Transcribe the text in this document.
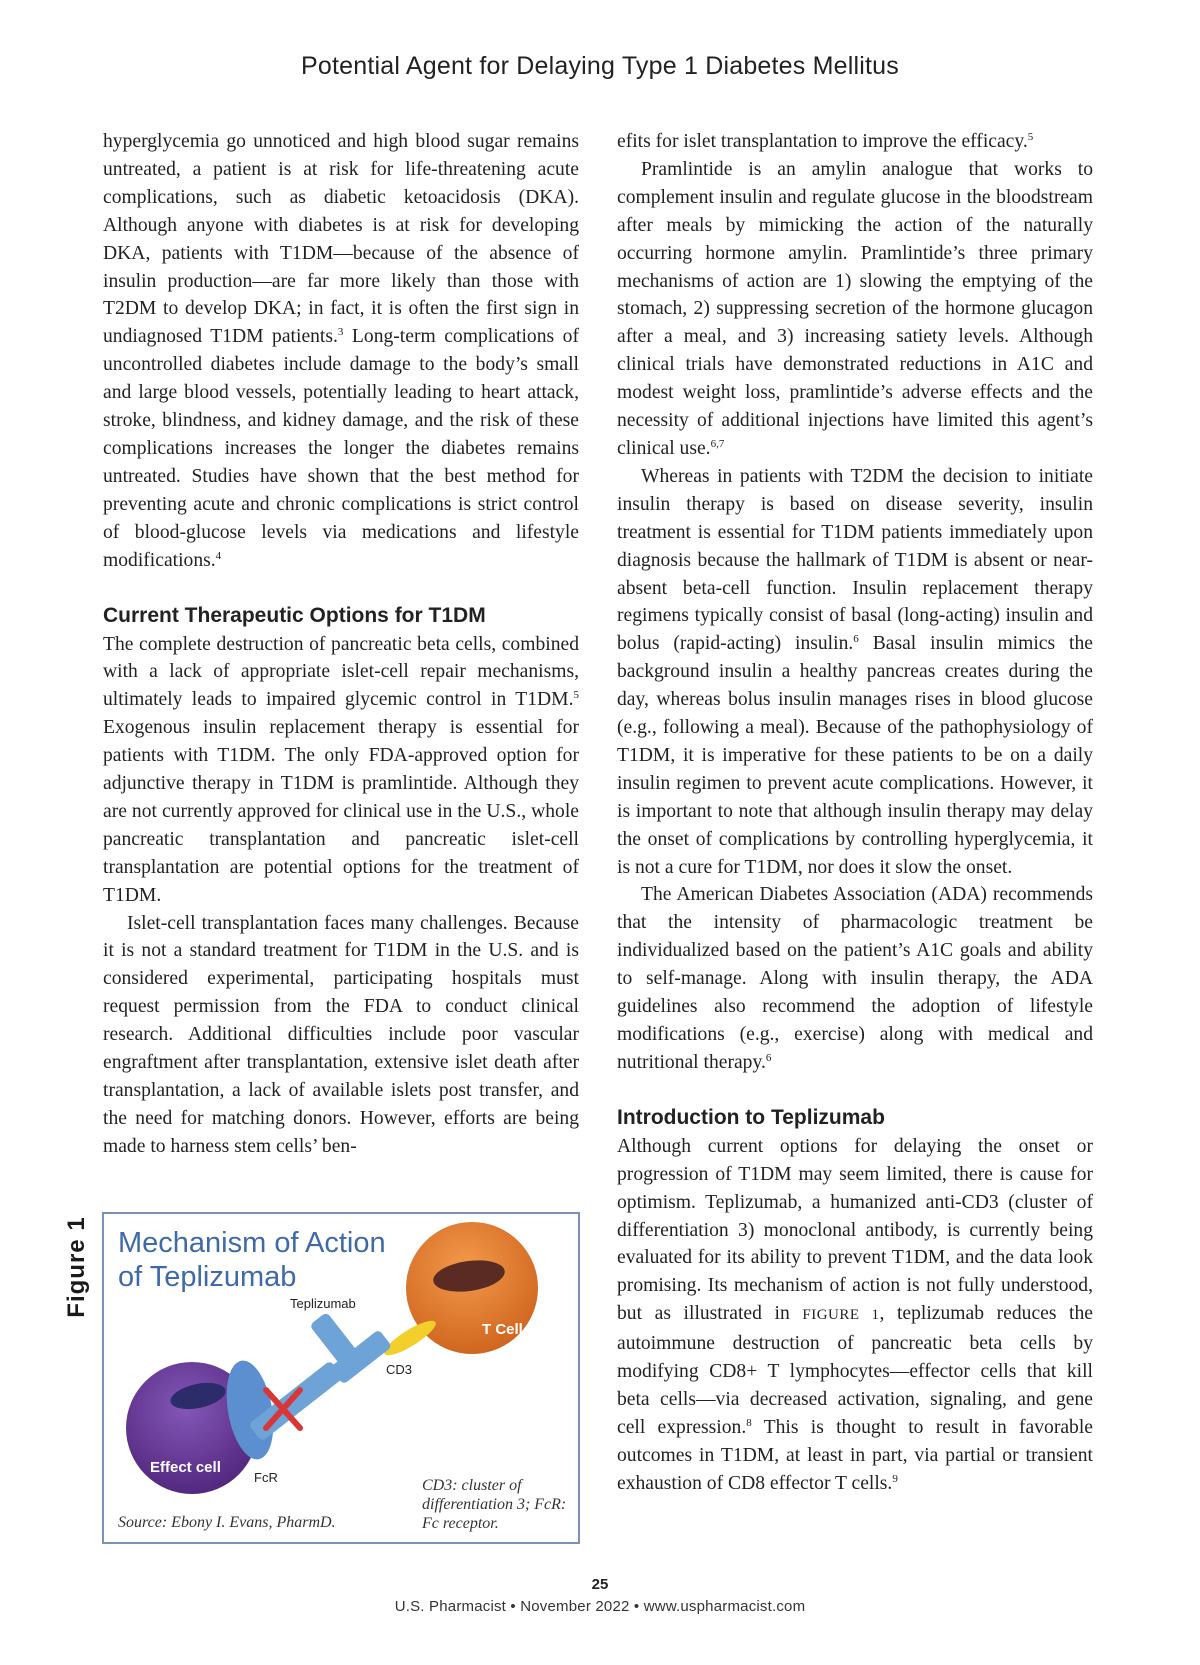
Potential Agent for Delaying Type 1 Diabetes Mellitus

hyperglycemia go unnoticed and high blood sugar remains untreated, a patient is at risk for life-threatening acute complications, such as diabetic ketoacidosis (DKA). Although anyone with diabetes is at risk for developing DKA, patients with T1DM—because of the absence of insulin production—are far more likely than those with T2DM to develop DKA; in fact, it is often the first sign in undiagnosed T1DM patients.$^3$ Long-term complications of uncontrolled diabetes include damage to the body’s small and large blood vessels, potentially leading to heart attack, stroke, blindness, and kidney damage, and the risk of these complications increases the longer the diabetes remains untreated. Studies have shown that the best method for preventing acute and chronic complications is strict control of blood-glucose levels via medications and lifestyle modifications.$^4$

Current Therapeutic Options for T1DM

The complete destruction of pancreatic beta cells, combined with a lack of appropriate islet-cell repair mechanisms, ultimately leads to impaired glycemic control in T1DM.$^5$ Exogenous insulin replacement therapy is essential for patients with T1DM. The only FDA-approved option for adjunctive therapy in T1DM is pramlintide. Although they are not currently approved for clinical use in the U.S., whole pancreatic transplantation and pancreatic islet-cell transplantation are potential options for the treatment of T1DM.

Islet-cell transplantation faces many challenges. Because it is not a standard treatment for T1DM in the U.S. and is considered experimental, participating hospitals must request permission from the FDA to conduct clinical research. Additional difficulties include poor vascular engraftment after transplantation, extensive islet death after transplantation, a lack of available islets post transfer, and the need for matching donors. However, efforts are being made to harness stem cells’ ben-

efits for islet transplantation to improve the efficacy.$^5$

Pramlintide is an amylin analogue that works to complement insulin and regulate glucose in the bloodstream after meals by mimicking the action of the naturally occurring hormone amylin. Pramlintide’s three primary mechanisms of action are 1) slowing the emptying of the stomach, 2) suppressing secretion of the hormone glucagon after a meal, and 3) increasing satiety levels. Although clinical trials have demonstrated reductions in A1C and modest weight loss, pramlintide’s adverse effects and the necessity of additional injections have limited this agent’s clinical use.$^{6,7}$

Whereas in patients with T2DM the decision to initiate insulin therapy is based on disease severity, insulin treatment is essential for T1DM patients immediately upon diagnosis because the hallmark of T1DM is absent or near-absent beta-cell function. Insulin replacement therapy regimens typically consist of basal (long-acting) insulin and bolus (rapid-acting) insulin.$^6$ Basal insulin mimics the background insulin a healthy pancreas creates during the day, whereas bolus insulin manages rises in blood glucose (e.g., following a meal). Because of the pathophysiology of T1DM, it is imperative for these patients to be on a daily insulin regimen to prevent acute complications. However, it is important to note that although insulin therapy may delay the onset of complications by controlling hyperglycemia, it is not a cure for T1DM, nor does it slow the onset.

The American Diabetes Association (ADA) recommends that the intensity of pharmacologic treatment be individualized based on the patient’s A1C goals and ability to self-manage. Along with insulin therapy, the ADA guidelines also recommend the adoption of lifestyle modifications (e.g., exercise) along with medical and nutritional therapy.$^6$

Introduction to Teplizumab

Although current options for delaying the onset or progression of T1DM may seem limited, there is cause for optimism. Teplizumab, a humanized anti-CD3 (cluster of differentiation 3) monoclonal antibody, is currently being evaluated for its ability to prevent T1DM, and the data look promising. Its mechanism of action is not fully understood, but as illustrated in FIGURE 1, teplizumab reduces the autoimmune destruction of pancreatic beta cells by modifying CD8+ T lymphocytes—effector cells that kill beta cells—via decreased activation, signaling, and gene cell expression.$^8$ This is thought to result in favorable outcomes in T1DM, at least in part, via partial or transient exhaustion of CD8 effector T cells.$^9$

Figure 1
T Cell
CD3
Effect cell
FcR
Teplizumab
Mechanism of Action
of Teplizumab
CD3: cluster of differentiation 3; FcR: Fc receptor.
Source: Ebony I. Evans, PharmD.
25
U.S. Pharmacist • November 2022 • www.uspharmacist.com
